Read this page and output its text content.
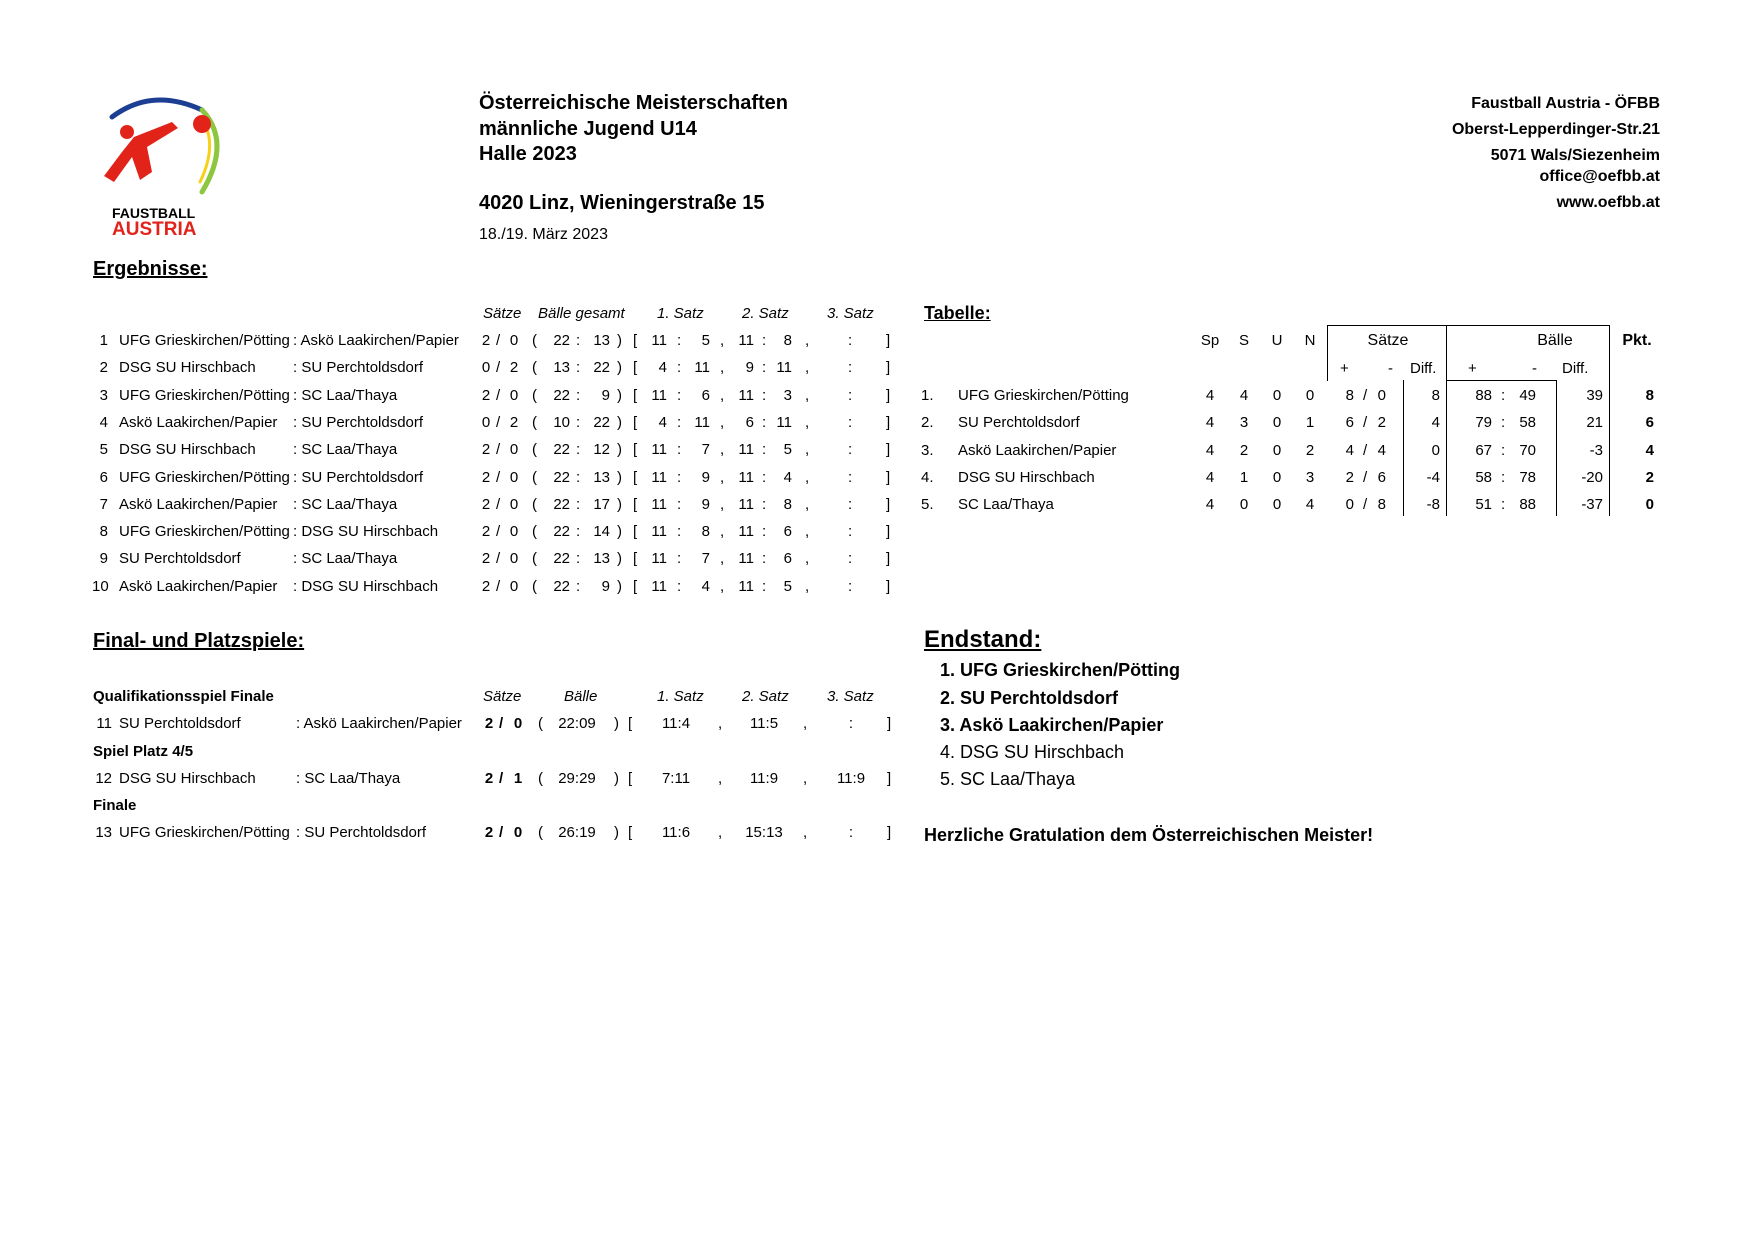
FAUSTBALL
AUSTRIA
Österreichische Meisterschaften
männliche Jugend U14
Halle 2023
4020 Linz, Wieningerstraße 15
18./19. März 2023
Faustball Austria - ÖFBB
Oberst-Lepperdinger-Str.21
5071 Wals/Siezenheim
office@oefbb.at
www.oefbb.at
Ergebnisse:
Sätze Bälle gesamt 1. Satz	2. Satz	3. Satz
1 UFG Grieskirchen/Pötting : Askö Laakirchen/Papier 2 / 0 (	22 : 13 ) [ 11 :	5 , 11 :	8 ,	: ]
2 DSG SU Hirschbach : SU Perchtoldsdorf	0 / 2 (	13 : 22 ) [	4 : 11 ,	9 : 11 ,	: ]
3 UFG Grieskirchen/Pötting : SC Laa/Thaya	2 / 0 (	22 :	9 ) [ 11 :	6 , 11 :	3 ,	: ]
4 Askö Laakirchen/Papier : SU Perchtoldsdorf	0 / 2 (	10 : 22 ) [	4 : 11 ,	6 : 11 ,	: ]
5 DSG SU Hirschbach : SC Laa/Thaya	2 / 0 (	22 : 12 ) [ 11 :	7 , 11 :	5 ,	: ]
6 UFG Grieskirchen/Pötting : SU Perchtoldsdorf	2 / 0 (	22 : 13 ) [ 11 :	9 , 11 :	4 ,	: ]
7 Askö Laakirchen/Papier : SC Laa/Thaya	2 / 0 (	22 : 17 ) [ 11 :	9 , 11 :	8 ,	: ]
8 UFG Grieskirchen/Pötting : DSG SU Hirschbach	2 / 0 (	22 : 14 ) [ 11 :	8 , 11 :	6 ,	: ]
9 SU Perchtoldsdorf	: SC Laa/Thaya	2 / 0 (	22 : 13 ) [ 11 :	7 , 11 :	6 ,	: ]
10 Askö Laakirchen/Papier : DSG SU Hirschbach	2 / 0 (	22 :	9 ) [ 11 :	4 , 11 :	5 ,	: ]
Tabelle:
Sp	S	U	N	Sätze	Bälle	Pkt.
+	- Diff. +	- Diff.
1. UFG Grieskirchen/Pötting	4	4	0	0	8 / 0	8	88 : 49	39	8
2. SU Perchtoldsdorf	4	3	0	1	6 / 2	4	79 : 58	21	6
3. Askö Laakirchen/Papier	4	2	0	2	4 / 4	0	67 : 70	-3	4
4. DSG SU Hirschbach	4	1	0	3	2 / 6	-4	58 : 78	-20	2
5. SC Laa/Thaya	4	0	0	4	0 / 8	-8	51 : 88	-37	0
Final- und Platzspiele:
Sätze	Bälle	1. Satz	2. Satz	3. Satz
Qualifikationsspiel Finale
11 SU Perchtoldsdorf	: Askö Laakirchen/Papier 2 / 0 (	22:09	) [	11:4	,	11:5	,	:	]
Spiel Platz 4/5
12 DSG SU Hirschbach	: SC Laa/Thaya	2 / 1 (	29:29	) [	7:11	,	11:9	,	11:9	]
Finale
13 UFG Grieskirchen/Pötting : SU Perchtoldsdorf	2 / 0 (	26:19	) [	11:6	,	15:13	,	:	]
Endstand:
1. UFG Grieskirchen/Pötting
2. SU Perchtoldsdorf
3. Askö Laakirchen/Papier
4. DSG SU Hirschbach
5. SC Laa/Thaya
Herzliche Gratulation dem Österreichischen Meister!
